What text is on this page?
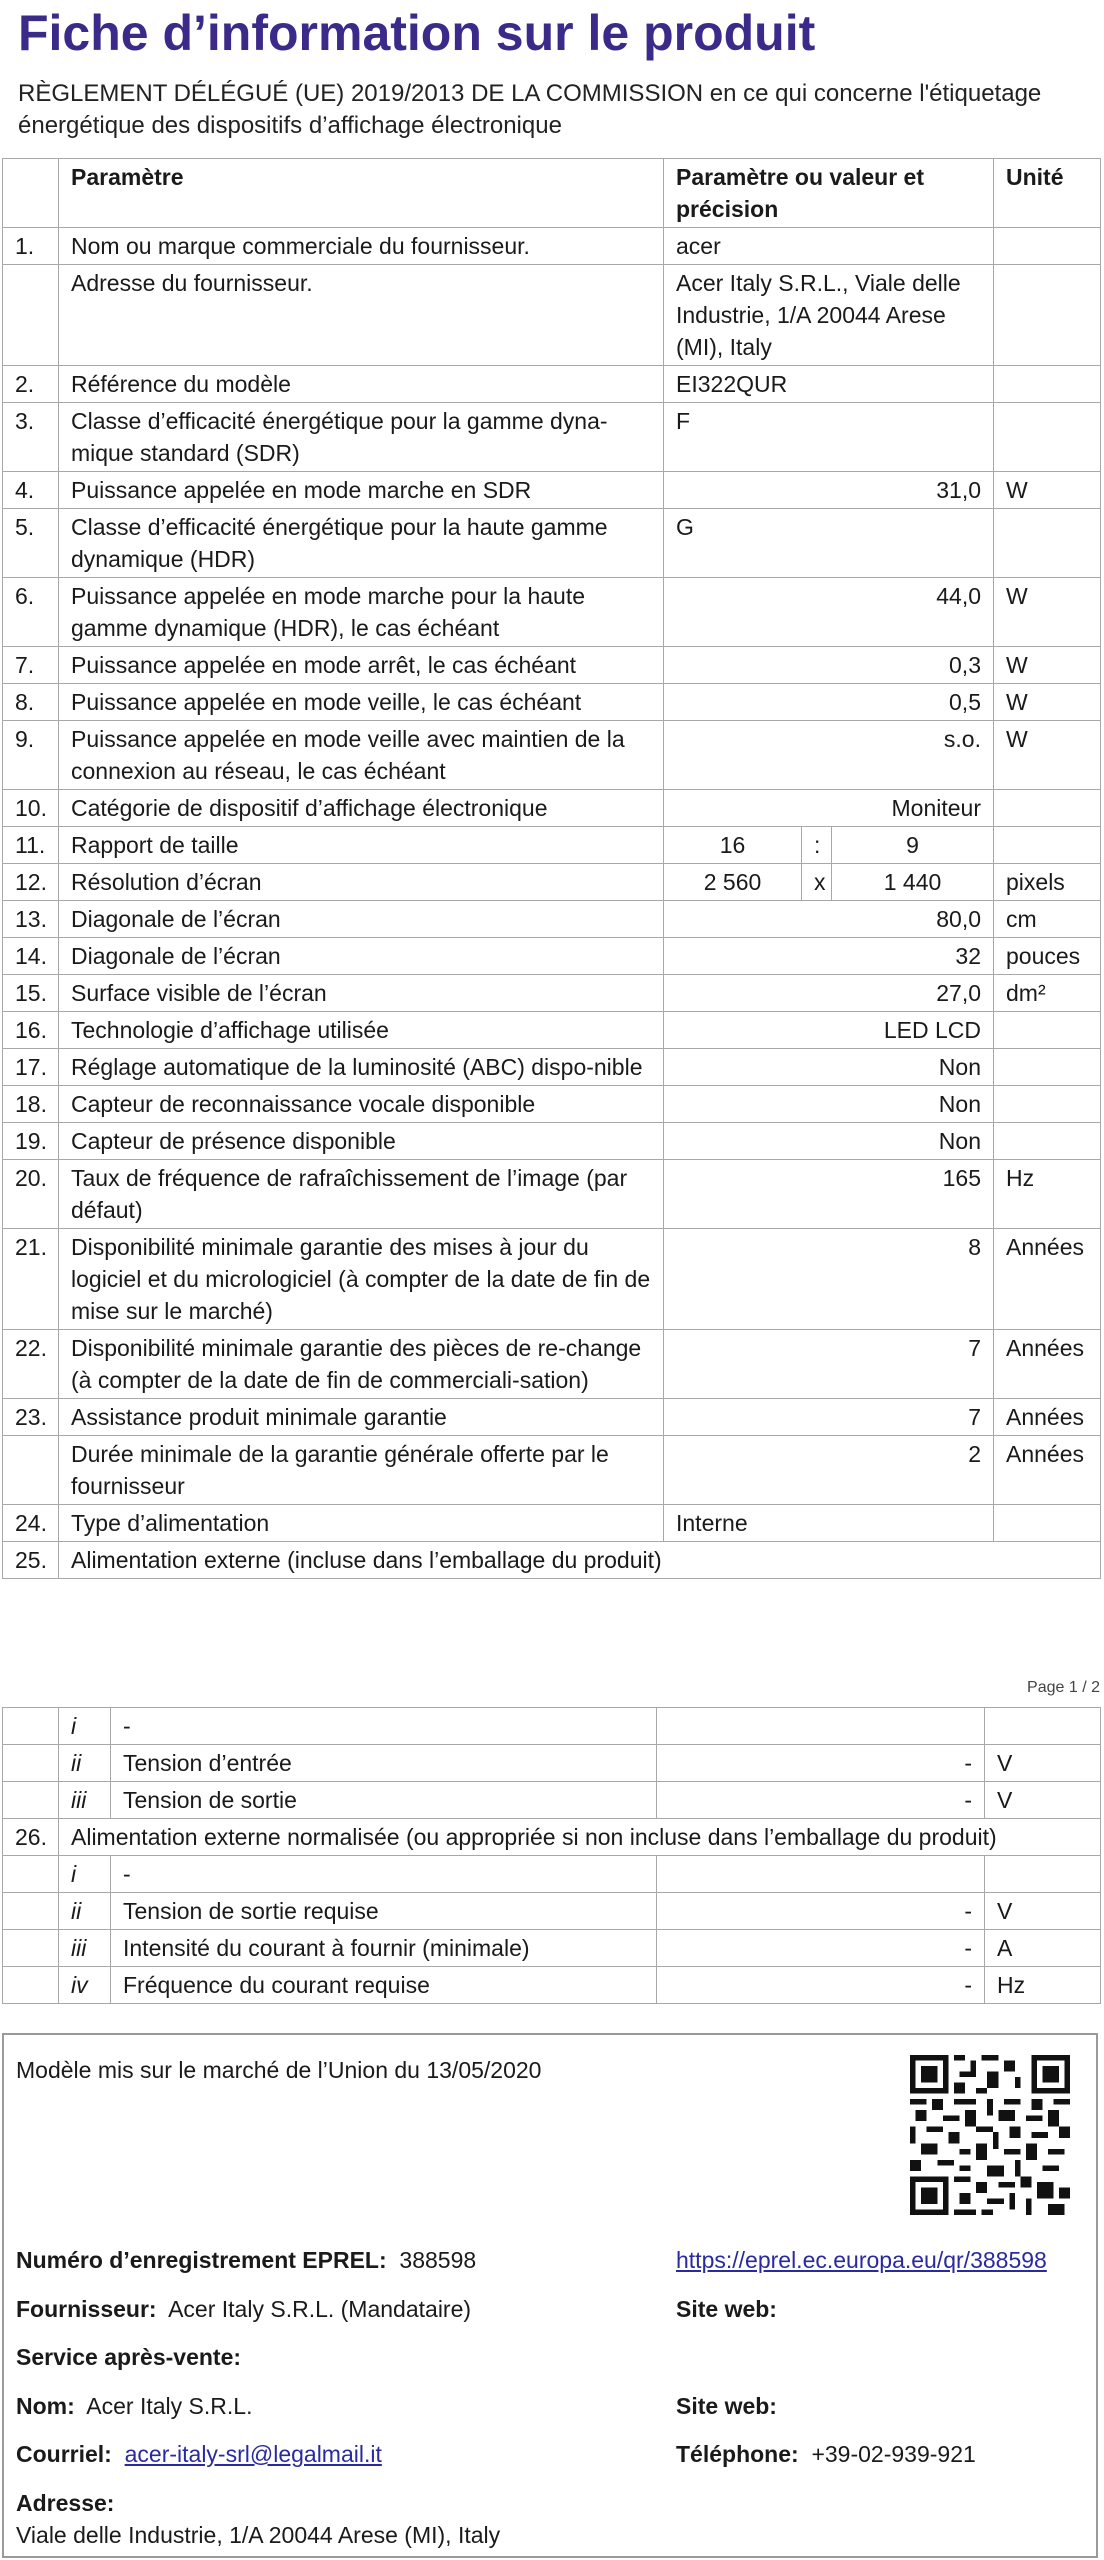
Fiche d’information sur le produit
RÈGLEMENT DÉLÉGUÉ (UE) 2019/2013 DE LA COMMISSION en ce qui concerne l'étiquetage énergétique des dispositifs d’affichage électronique
	Paramètre	Paramètre ou valeur et précision			Unité
1.	Nom ou marque commerciale du fournisseur.	acer			
	Adresse du fournisseur.	Acer Italy S.R.L., Viale delle Industrie, 1/A 20044 Arese (MI), Italy			
2.	Référence du modèle	EI322QUR			
3.	Classe d’efficacité énergétique pour la gamme dyna-mique standard (SDR)	F			
4.	Puissance appelée en mode marche en SDR	31,0			W
5.	Classe d’efficacité énergétique pour la haute gamme dynamique (HDR)	G			
6.	Puissance appelée en mode marche pour la haute gamme dynamique (HDR), le cas échéant	44,0			W
7.	Puissance appelée en mode arrêt, le cas échéant	0,3			W
8.	Puissance appelée en mode veille, le cas échéant	0,5			W
9.	Puissance appelée en mode veille avec maintien de la connexion au réseau, le cas échéant	s.o.			W
10.	Catégorie de dispositif d’affichage électronique	Moniteur			
11.	Rapport de taille	16	:	9	
12.	Résolution d’écran	2 560	x	1 440	pixels
13.	Diagonale de l’écran	80,0			cm
14.	Diagonale de l’écran	32			pouces
15.	Surface visible de l’écran	27,0			dm²
16.	Technologie d’affichage utilisée	LED LCD			
17.	Réglage automatique de la luminosité (ABC) dispo-nible	Non			
18.	Capteur de reconnaissance vocale disponible	Non			
19.	Capteur de présence disponible	Non			
20.	Taux de fréquence de rafraîchissement de l’image (par défaut)	165			Hz
21.	Disponibilité minimale garantie des mises à jour du logiciel et du micrologiciel (à compter de la date de fin de mise sur le marché)	8			Années
22.	Disponibilité minimale garantie des pièces de re-change (à compter de la date de fin de commerciali-sation)	7			Années
23.	Assistance produit minimale garantie	7			Années
	Durée minimale de la garantie générale offerte par le fournisseur	2			Années
24.	Type d’alimentation	Interne			
25.	Alimentation externe (incluse dans l’emballage du produit)				
Page 1 / 2
	i	-		
	ii	Tension d’entrée	-	V
	iii	Tension de sortie	-	V
26.	Alimentation externe normalisée (ou appropriée si non incluse dans l’emballage du produit)			
	i	-		
	ii	Tension de sortie requise	-	V
	iii	Intensité du courant à fournir (minimale)	-	A
	iv	Fréquence du courant requise	-	Hz
Modèle mis sur le marché de l’Union du 13/05/2020
Numéro d’enregistrement EPREL: 388598	https://eprel.ec.europa.eu/qr/388598
Fournisseur: Acer Italy S.R.L. (Mandataire)	Site web:
Service après-vente:
Nom: Acer Italy S.R.L.	Site web:
Courriel: acer-italy-srl@legalmail.it	Téléphone: +39-02-939-921
Adresse:
Viale delle Industrie, 1/A 20044 Arese (MI), Italy
